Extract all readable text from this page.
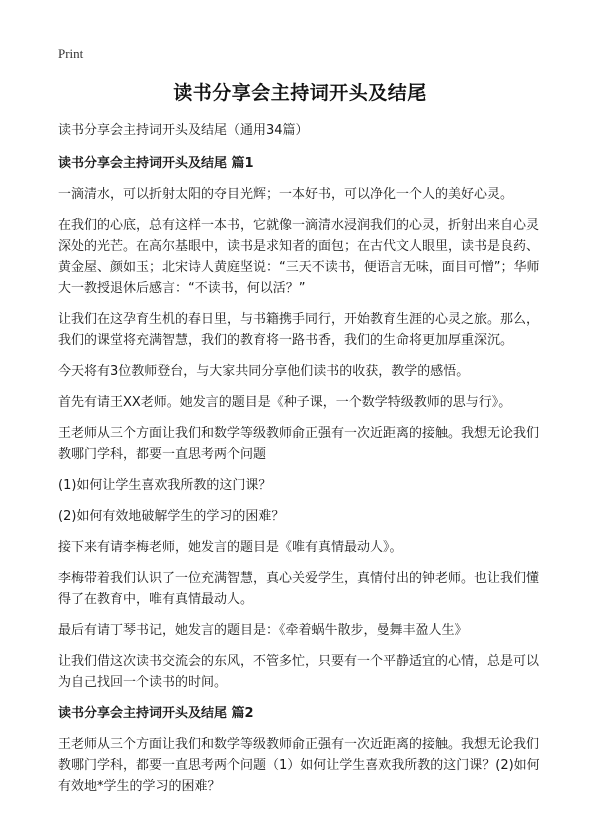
Print
读书分享会主持词开头及结尾

读书分享会主持词开头及结尾（通用34篇）

读书分享会主持词开头及结尾 篇1

一滴清水，可以折射太阳的夺目光辉；一本好书，可以净化一个人的美好心灵。

在我们的心底，总有这样一本书，它就像一滴清水浸润我们的心灵，折射出来自心灵深处的光芒。在高尔基眼中，读书是求知者的面包；在古代文人眼里，读书是良药、黄金屋、颜如玉；北宋诗人黄庭坚说：“三天不读书，便语言无味，面目可憎”；华师大一教授退休后感言：“不读书，何以活？”

让我们在这孕育生机的春日里，与书籍携手同行，开始教育生涯的心灵之旅。那么，我们的课堂将充满智慧，我们的教育将一路书香，我们的生命将更加厚重深沉。

今天将有3位教师登台，与大家共同分享他们读书的收获，教学的感悟。

首先有请王XX老师。她发言的题目是《种子课，一个数学特级教师的思与行》。

王老师从三个方面让我们和数学等级教师俞正强有一次近距离的接触。我想无论我们教哪门学科，都要一直思考两个问题

(1)如何让学生喜欢我所教的这门课？

(2)如何有效地破解学生的学习的困难？

接下来有请李梅老师，她发言的题目是《唯有真情最动人》。

李梅带着我们认识了一位充满智慧，真心关爱学生，真情付出的钟老师。也让我们懂得了在教育中，唯有真情最动人。

最后有请丁琴书记，她发言的题目是：《牵着蜗牛散步，曼舞丰盈人生》

让我们借这次读书交流会的东风，不管多忙，只要有一个平静适宜的心情，总是可以为自己找回一个读书的时间。

读书分享会主持词开头及结尾 篇2

王老师从三个方面让我们和数学等级教师俞正强有一次近距离的接触。我想无论我们教哪门学科，都要一直思考两个问题（1）如何让学生喜欢我所教的这门课？(2)如何有效地*学生的学习的困难？
